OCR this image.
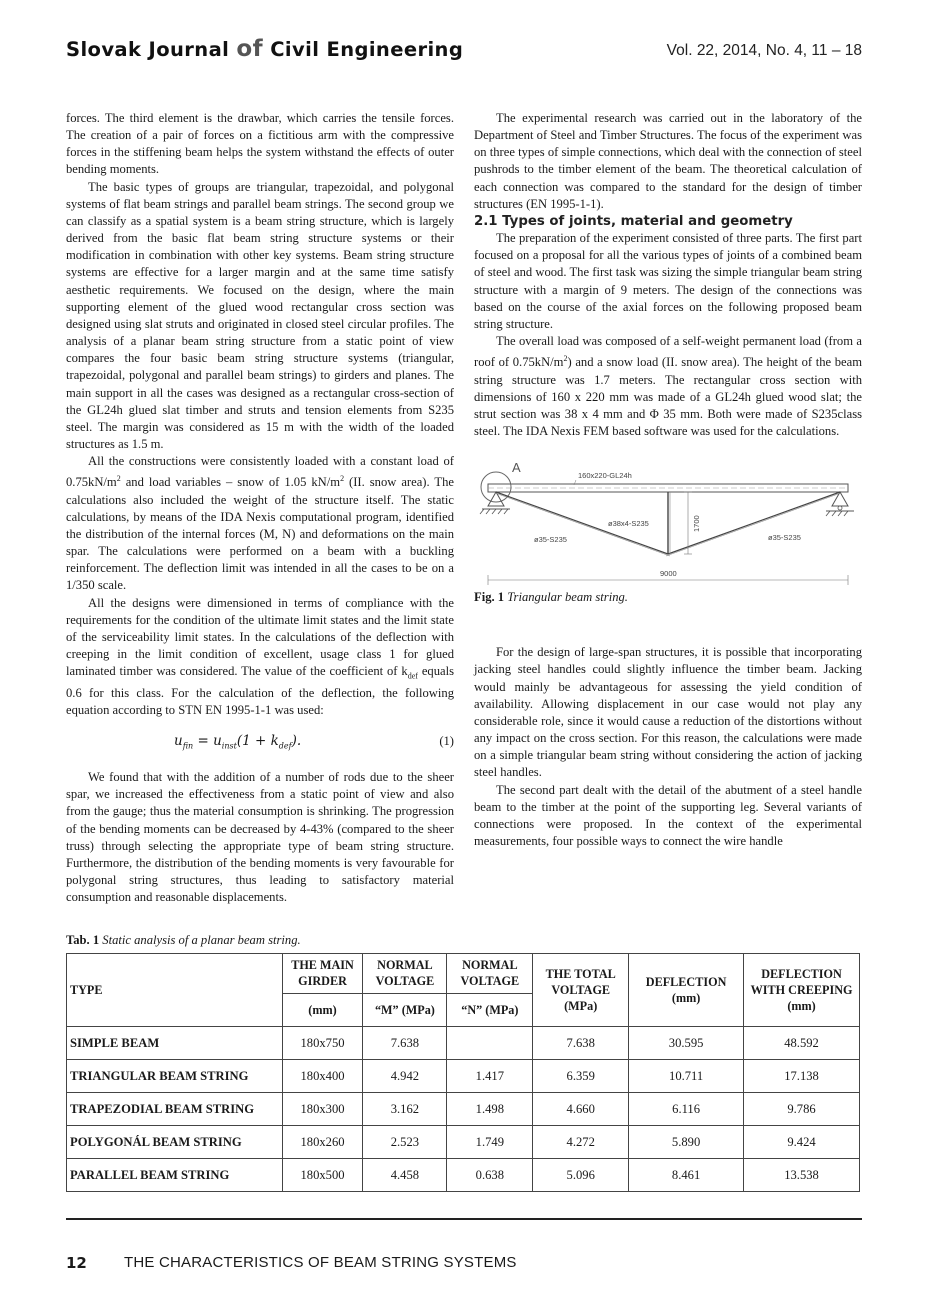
Slovak Journal of Civil Engineering	Vol. 22, 2014, No. 4, 11 – 18

forces. The third element is the drawbar, which carries the tensile forces. The creation of a pair of forces on a fictitious arm with the compressive forces in the stiffening beam helps the system withstand the effects of outer bending moments.

The basic types of groups are triangular, trapezoidal, and polygonal systems of flat beam strings and parallel beam strings. The second group we can classify as a spatial system is a beam string structure, which is largely derived from the basic flat beam string structure systems or their modification in combination with other key systems. Beam string structure systems are effective for a larger margin and at the same time satisfy aesthetic requirements. We focused on the design, where the main supporting element of the glued wood rectangular cross section was designed using slat struts and originated in closed steel circular profiles. The analysis of a planar beam string structure from a static point of view compares the four basic beam string structure systems (triangular, trapezoidal, polygonal and parallel beam strings) to girders and planes. The main support in all the cases was designed as a rectangular cross-section of the GL24h glued slat timber and struts and tension elements from S235 steel. The margin was considered as 15 m with the width of the loaded structures as 1.5 m.

All the constructions were consistently loaded with a constant load of $0.75kN/m^2$ and load variables – snow of 1.05 $kN/m^2$ (II. snow area). The calculations also included the weight of the structure itself. The static calculations, by means of the IDA Nexis computational program, identified the distribution of the internal forces (M, N) and deformations on the main spar. The calculations were performed on a beam with a buckling reinforcement. The deflection limit was intended in all the cases to be on a 1/350 scale.

All the designs were dimensioned in terms of compliance with the requirements for the condition of the ultimate limit states and the limit state of the serviceability limit states. In the calculations of the deflection with creeping in the limit condition of excellent, usage class 1 for glued laminated timber was considered. The value of the coefficient of $k_{def}$ equals 0.6 for this class. For the calculation of the deflection, the following equation according to STN EN 1995-1-1 was used:

$u_{fin} = u_{inst}(1 + k_{def})$.	(1)

We found that with the addition of a number of rods due to the sheer spar, we increased the effectiveness from a static point of view and also from the gauge; thus the material consumption is shrinking. The progression of the bending moments can be decreased by 4-43% (compared to the sheer truss) through selecting the appropriate type of beam string structure. Furthermore, the distribution of the bending moments is very favourable for polygonal string structures, thus leading to satisfactory material consumption and reasonable displacements.

The experimental research was carried out in the laboratory of the Department of Steel and Timber Structures. The focus of the experiment was on three types of simple connections, which deal with the connection of steel pushrods to the timber element of the beam. The theoretical calculation of each connection was compared to the standard for the design of timber structures (EN 1995-1-1).

2.1 Types of joints, material and geometry

The preparation of the experiment consisted of three parts. The first part focused on a proposal for all the various types of joints of a combined beam of steel and wood. The first task was sizing the simple triangular beam string structure with a margin of 9 meters. The design of the connections was based on the course of the axial forces on the following proposed beam string structure.

The overall load was composed of a self-weight permanent load (from a roof of $0.75kN/m^2$) and a snow load (II. snow area). The height of the beam string structure was 1.7 meters. The rectangular cross section with dimensions of 160 x 220 mm was made of a GL24h glued wood slat; the strut section was 38 x 4 mm and Φ 35 mm. Both were made of S235class steel. The IDA Nexis FEM based software was used for the calculations.

A
160x220-GL24h
ø38x4-S235
ø35-S235	ø35-S235
1700
9000

Fig. 1 Triangular beam string.

For the design of large-span structures, it is possible that incorporating jacking steel handles could slightly influence the timber beam. Jacking would mainly be advantageous for assessing the yield condition of availability. Allowing displacement in our case would not play any considerable role, since it would cause a reduction of the distortions without any impact on the cross section. For this reason, the calculations were made on a simple triangular beam string without considering the action of jacking steel handles.

The second part dealt with the detail of the abutment of a steel handle beam to the timber at the point of the supporting leg. Several variants of connections were proposed. In the context of the experimental measurements, four possible ways to connect the wire handle

Tab. 1 Static analysis of a planar beam string.
TYPE	THE MAIN GIRDER	NORMAL VOLTAGE	NORMAL VOLTAGE	THE TOTAL VOLTAGE (MPa)	DEFLECTION (mm)	DEFLECTION WITH CREEPING (mm)
	(mm)	“M” (MPa)	“N” (MPa)			
SIMPLE BEAM	180x750	7.638		7.638	30.595	48.592
TRIANGULAR BEAM STRING	180x400	4.942	1.417	6.359	10.711	17.138
TRAPEZODIAL BEAM STRING	180x300	3.162	1.498	4.660	6.116	9.786
POLYGONÁL BEAM STRING	180x260	2.523	1.749	4.272	5.890	9.424
PARALLEL BEAM STRING	180x500	4.458	0.638	5.096	8.461	13.538
12 THE CHARACTERISTICS OF BEAM STRING SYSTEMS
